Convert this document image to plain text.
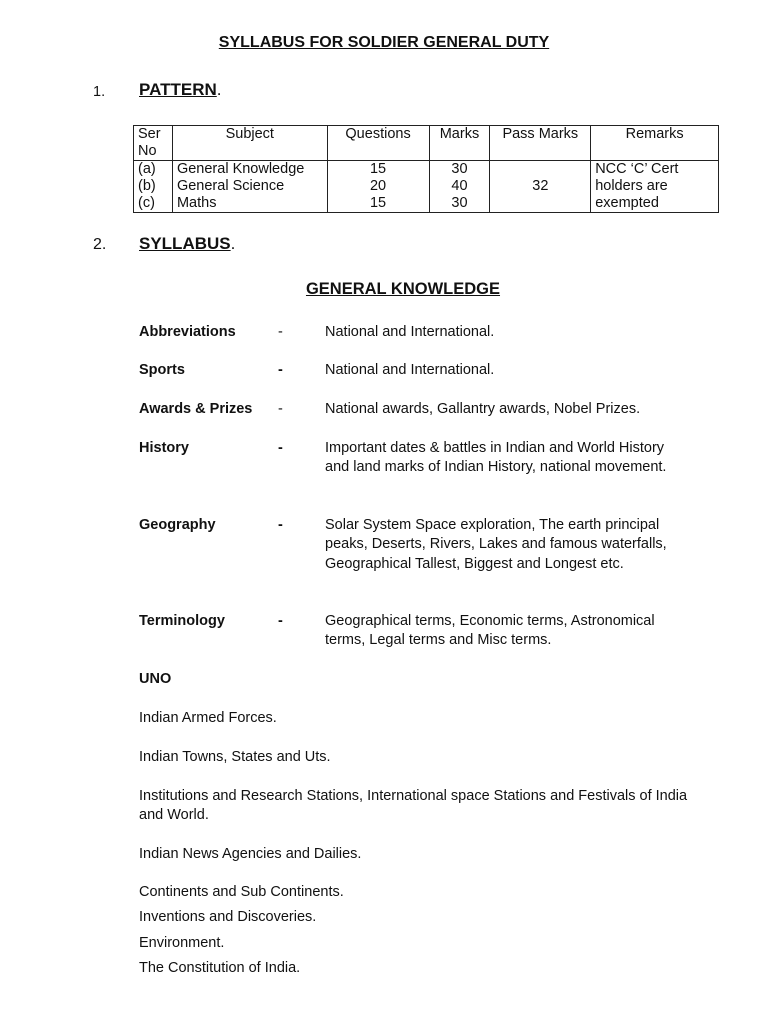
SYLLABUS FOR SOLDIER GENERAL DUTY
1. PATTERN.
Ser No	Subject	Questions	Marks	Pass Marks	Remarks
(a)	General Knowledge	15	30	32	NCC ‘C’ Cert holders are exempted
(b)	General Science	20	40		
(c)	Maths	15	30		
2. SYLLABUS.
GENERAL KNOWLEDGE
Abbreviations	-	National and International.
Sports	-	National and International.
Awards & Prizes -	National awards, Gallantry awards, Nobel Prizes.
History	-	Important dates & battles in Indian and World History and land marks of Indian History, national movement.
Geography	-	Solar System Space exploration, The earth principal peaks, Deserts, Rivers, Lakes and famous waterfalls, Geographical Tallest, Biggest and Longest etc.
Terminology	-	Geographical terms, Economic terms, Astronomical terms, Legal terms and Misc terms.
UNO
Indian Armed Forces.
Indian Towns, States and Uts.
Institutions and Research Stations, International space Stations and Festivals of India and World.
Indian News Agencies and Dailies.
Continents and Sub Continents.
Inventions and Discoveries.
Environment.
The Constitution of India.
